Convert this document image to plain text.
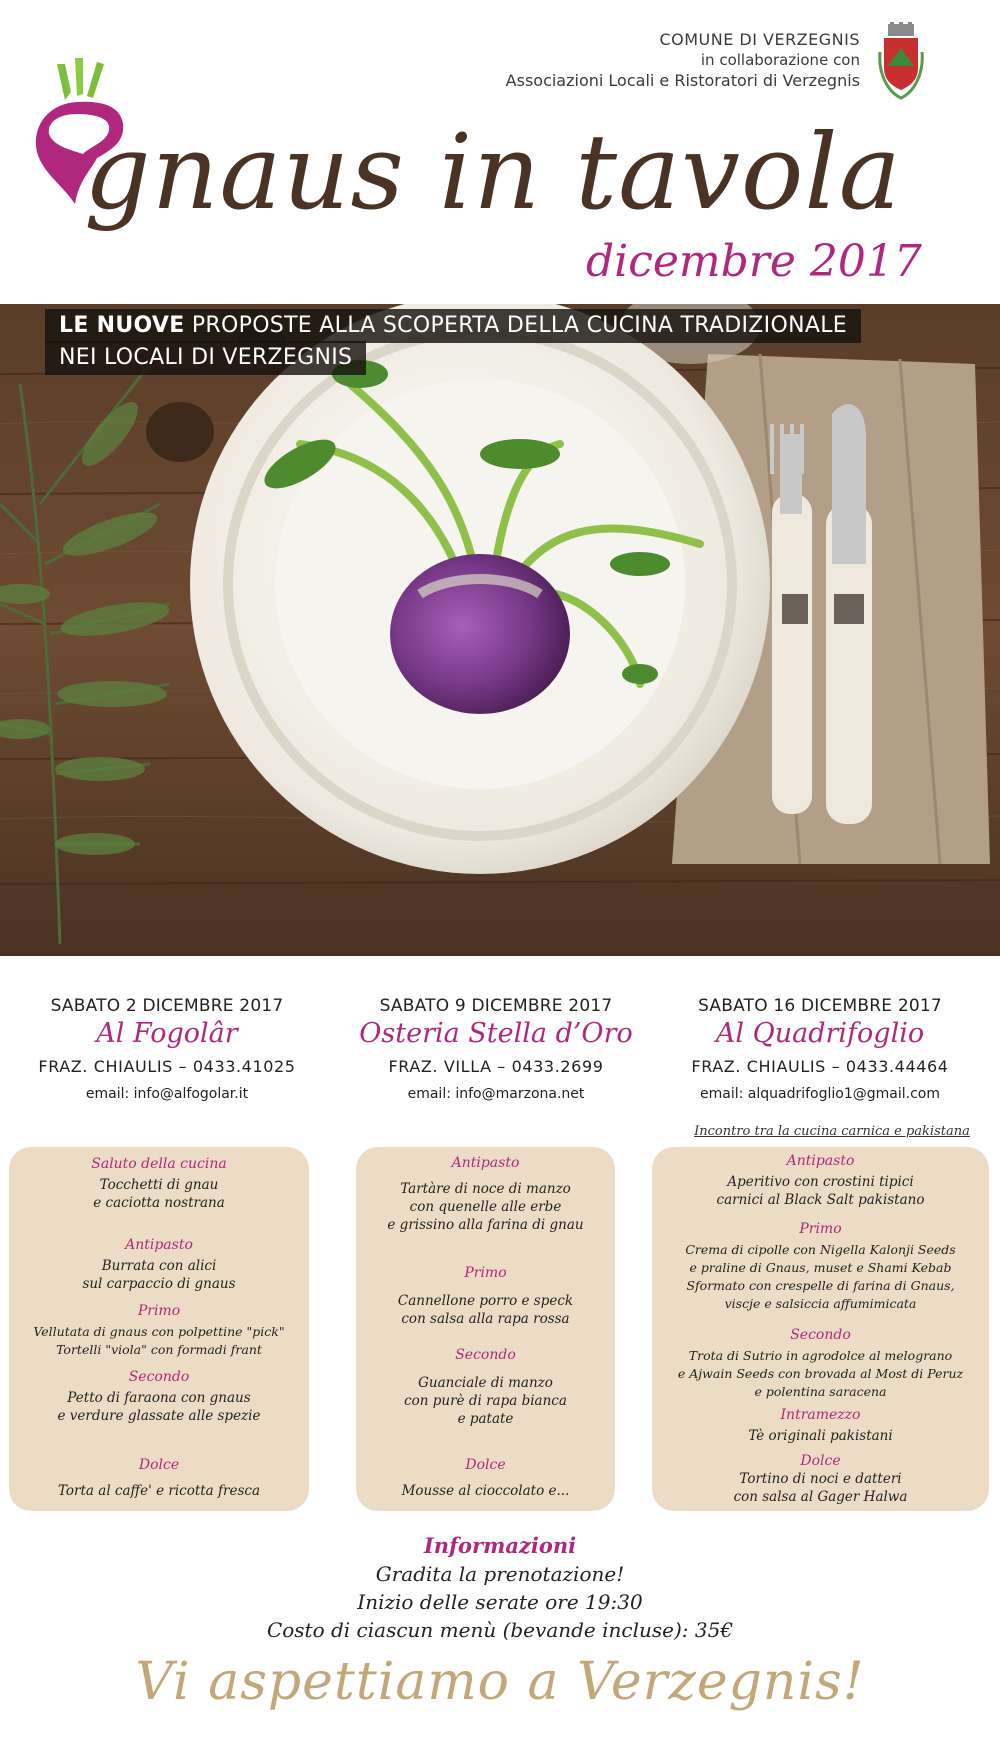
COMUNE DI VERZEGNIS
in collaborazione con
Associazioni Locali e Ristoratori di Verzegnis
gnaus in tavola
dicembre 2017
LE NUOVE PROPOSTE ALLA SCOPERTA DELLA CUCINA TRADIZIONALE
NEI LOCALI DI VERZEGNIS
SABATO 2 DICEMBRE 2017
Al Fogolâr
FRAZ. CHIAULIS – 0433.41025
email: info@alfogolar.it
SABATO 9 DICEMBRE 2017
Osteria Stella d’Oro
FRAZ. VILLA – 0433.2699
email: info@marzona.net
SABATO 16 DICEMBRE 2017
Al Quadrifoglio
FRAZ. CHIAULIS – 0433.44464
email: alquadrifoglio1@gmail.com
Incontro tra la cucina carnica e pakistana
Saluto della cucina
Tocchetti di gnau
e caciotta nostrana
Antipasto
Burrata con alici
sul carpaccio di gnaus
Primo
Vellutata di gnaus con polpettine "pick"
Tortelli "viola" con formadi frant
Secondo
Petto di faraona con gnaus
e verdure glassate alle spezie
Dolce
Torta al caffe' e ricotta fresca
Antipasto
Tartàre di noce di manzo
con quenelle alle erbe
e grissino alla farina di gnau
Primo
Cannellone porro e speck
con salsa alla rapa rossa
Secondo
Guanciale di manzo
con purè di rapa bianca
e patate
Dolce
Mousse al cioccolato e...
Antipasto
Aperitivo con crostini tipici
carnici al Black Salt pakistano
Primo
Crema di cipolle con Nigella Kalonji Seeds
e praline di Gnaus, muset e Shami Kebab
Sformato con crespelle di farina di Gnaus,
viscje e salsiccia affumimicata
Secondo
Trota di Sutrio in agrodolce al melograno
e Ajwain Seeds con brovada al Most di Peruz
e polentina saracena
Intramezzo
Tè originali pakistani
Dolce
Tortino di noci e datteri
con salsa al Gager Halwa
Informazioni
Gradita la prenotazione!
Inizio delle serate ore 19:30
Costo di ciascun menù (bevande incluse): 35€
Vi aspettiamo a Verzegnis!
